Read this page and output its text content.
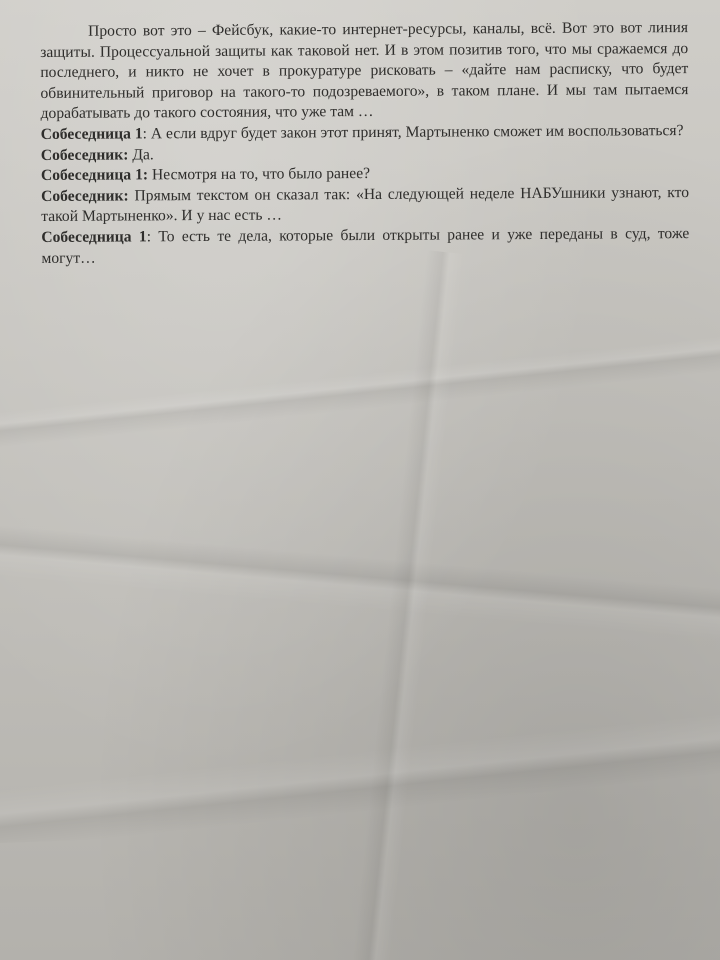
Просто вот это – Фейсбук, какие-то интернет-ресурсы, каналы, всё. Вот это вот линия защиты. Процессуальной защиты как таковой нет. И в этом позитив того, что мы сражаемся до последнего, и никто не хочет в прокуратуре рисковать – «дайте нам расписку, что будет обвинительный приговор на такого-то подозреваемого», в таком плане. И мы там пытаемся дорабатывать до такого состояния, что уже там …

Собеседница 1: А если вдруг будет закон этот принят, Мартыненко сможет им воспользоваться?

Собеседник: Да.

Собеседница 1: Несмотря на то, что было ранее?

Собеседник: Прямым текстом он сказал так: «На следующей неделе НАБУшники узнают, кто такой Мартыненко». И у нас есть …

Собеседница 1: То есть те дела, которые были открыты ранее и уже переданы в суд, тоже могут…
